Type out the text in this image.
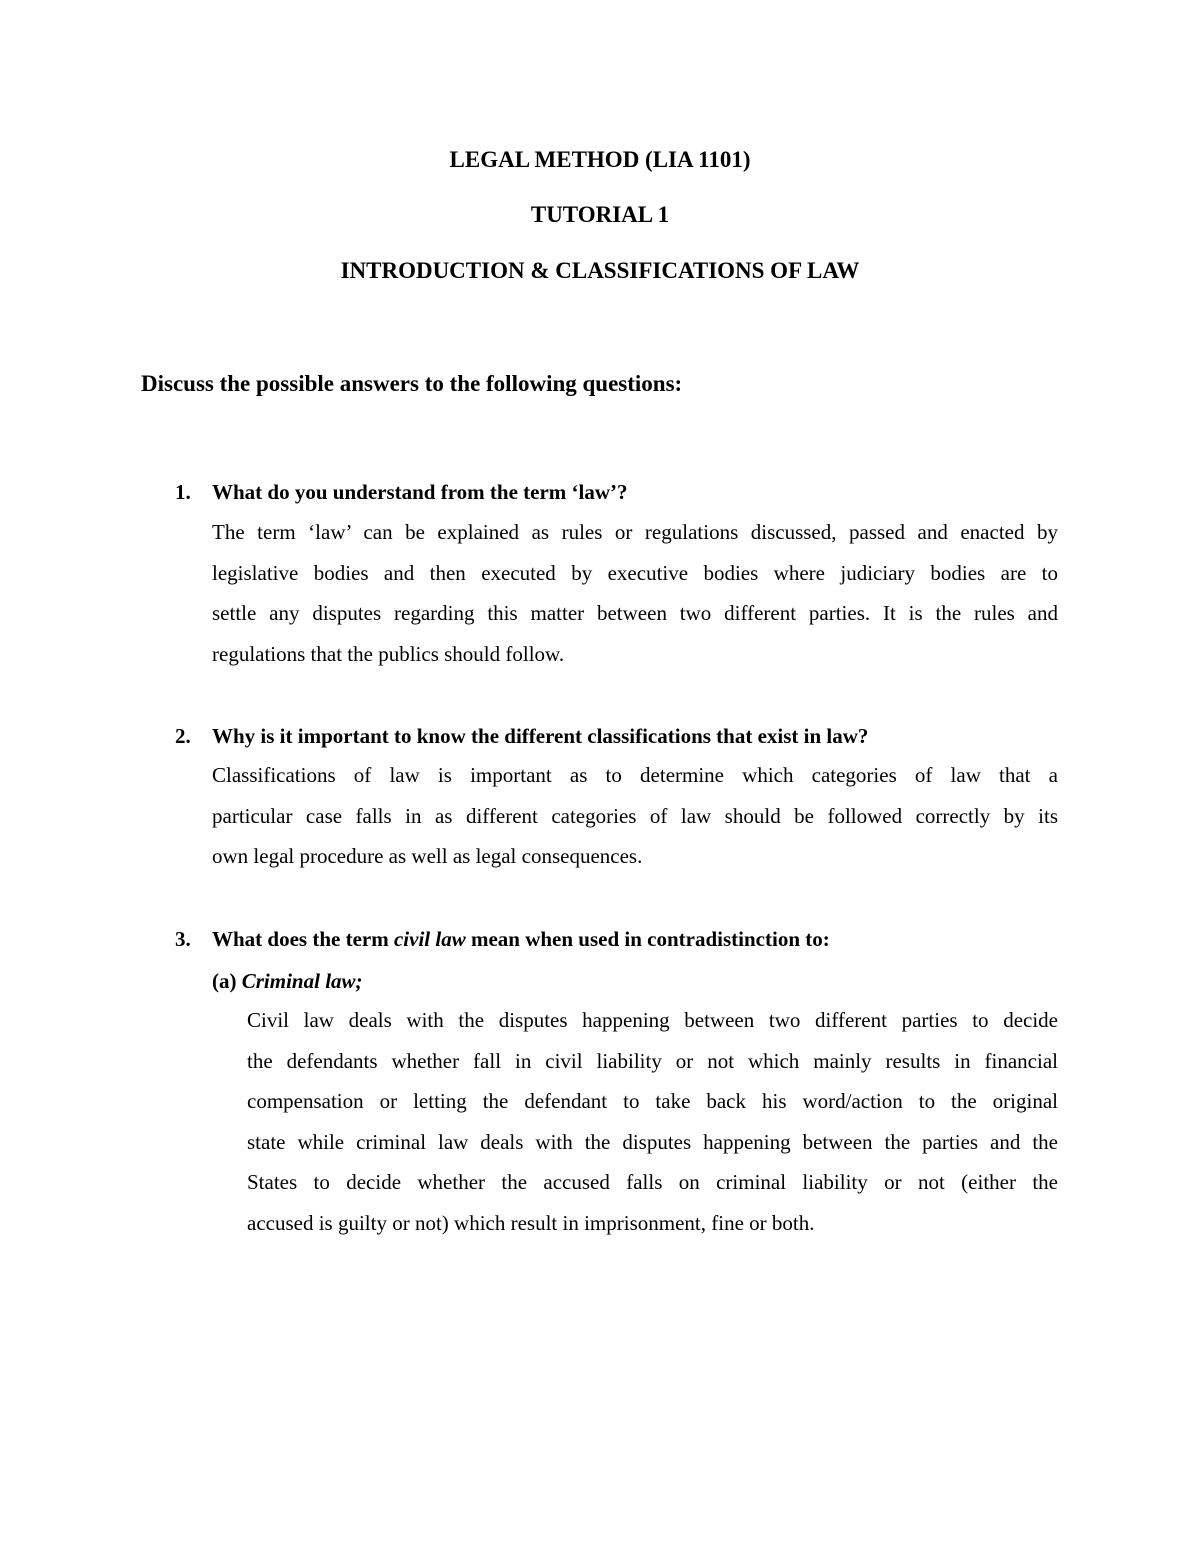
LEGAL METHOD (LIA 1101)
TUTORIAL 1
INTRODUCTION & CLASSIFICATIONS OF LAW
Discuss the possible answers to the following questions:
1. What do you understand from the term ‘law’?
The term ‘law’ can be explained as rules or regulations discussed, passed and enacted by
legislative bodies and then executed by executive bodies where judiciary bodies are to
settle any disputes regarding this matter between two different parties. It is the rules and
regulations that the publics should follow.
2. Why is it important to know the different classifications that exist in law?
Classifications of law is important as to determine which categories of law that a
particular case falls in as different categories of law should be followed correctly by its
own legal procedure as well as legal consequences.
3. What does the term civil law mean when used in contradistinction to:
(a) Criminal law;
Civil law deals with the disputes happening between two different parties to decide
the defendants whether fall in civil liability or not which mainly results in financial
compensation or letting the defendant to take back his word/action to the original
state while criminal law deals with the disputes happening between the parties and the
States to decide whether the accused falls on criminal liability or not (either the
accused is guilty or not) which result in imprisonment, fine or both.
